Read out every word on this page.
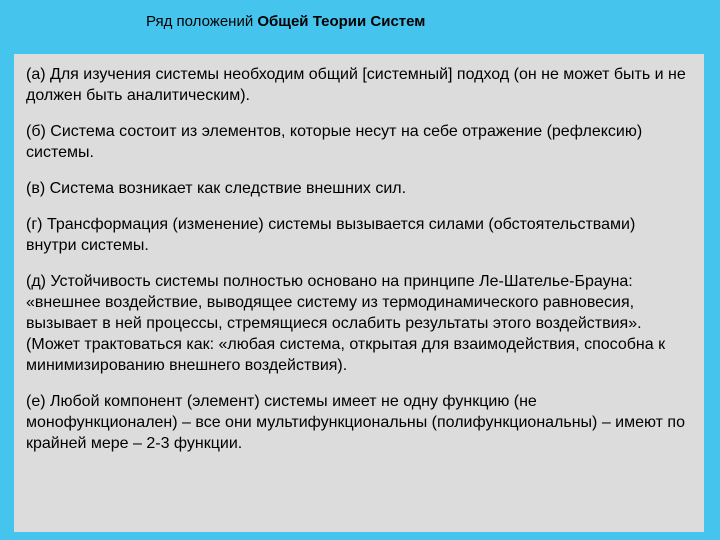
Ряд положений Общей Теории Систем

(а) Для изучения системы необходим общий [системный] подход (он не может быть и не должен быть аналитическим).

(б) Система состоит из элементов, которые несут на себе отражение (рефлексию) системы.

(в) Система возникает как следствие внешних сил.

(г) Трансформация (изменение) системы вызывается силами (обстоятельствами) внутри системы.

(д) Устойчивость системы полностью основано на принципе Ле-Шателье-Брауна: «внешнее воздействие, выводящее систему из термодинамического равновесия, вызывает в ней процессы, стремящиеся ослабить результаты этого воздействия». (Может трактоваться как: «любая система, открытая для взаимодействия, способна к минимизированию внешнего воздействия).

(е) Любой компонент (элемент) системы имеет не одну функцию (не монофункционален) – все они мультифункциональны (полифункциональны) – имеют по крайней мере – 2-3 функции.
